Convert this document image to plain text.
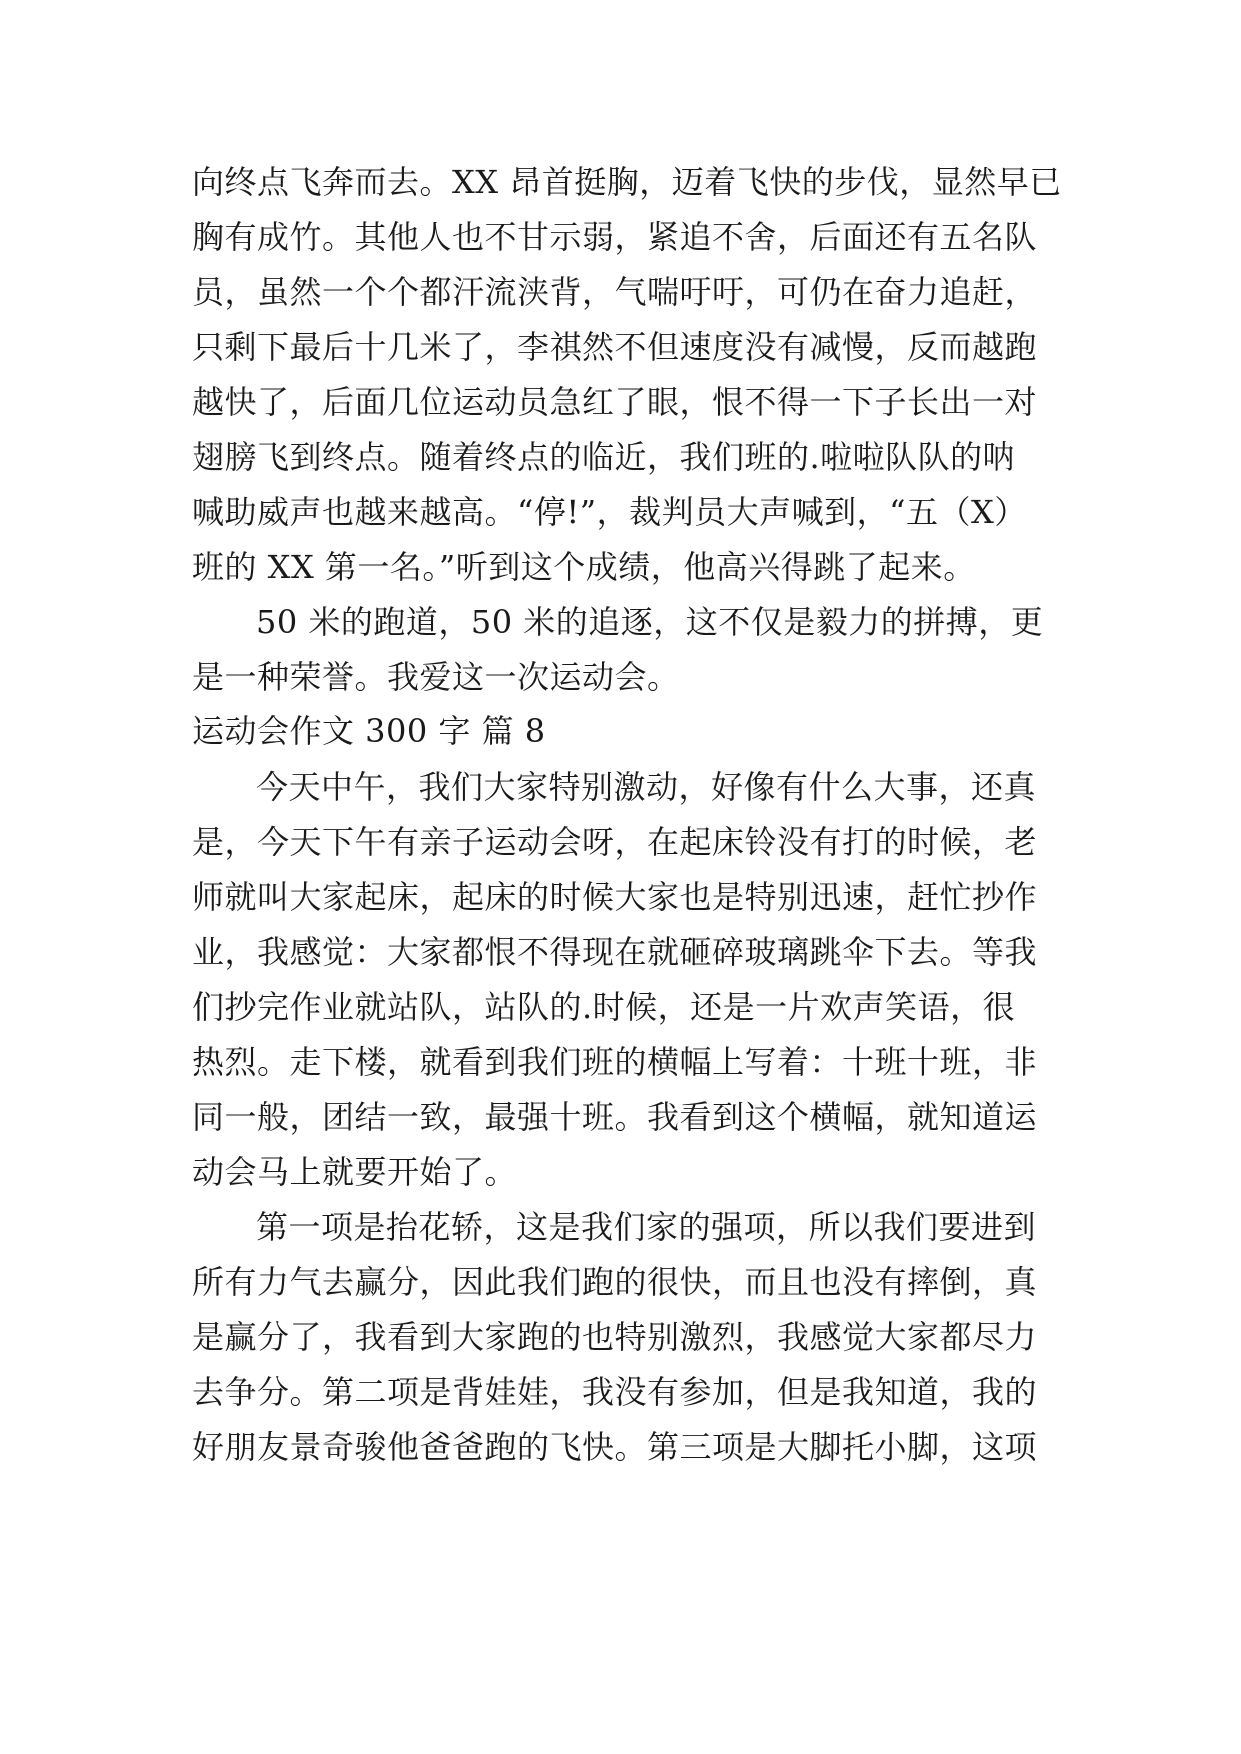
向终点飞奔而去。XX 昂首挺胸，迈着飞快的步伐，显然早已
胸有成竹。其他人也不甘示弱，紧追不舍，后面还有五名队
员，虽然一个个都汗流浃背，气喘吁吁，可仍在奋力追赶，
只剩下最后十几米了，李祺然不但速度没有减慢，反而越跑
越快了，后面几位运动员急红了眼，恨不得一下子长出一对
翅膀飞到终点。随着终点的临近，我们班的.啦啦队队的呐
喊助威声也越来越高。“停!”，裁判员大声喊到，“五（X）
班的 XX 第一名。”听到这个成绩，他高兴得跳了起来。
50 米的跑道，50 米的追逐，这不仅是毅力的拼搏，更
是一种荣誉。我爱这一次运动会。
运动会作文 300 字 篇 8
今天中午，我们大家特别激动，好像有什么大事，还真
是，今天下午有亲子运动会呀，在起床铃没有打的时候，老
师就叫大家起床，起床的时候大家也是特别迅速，赶忙抄作
业，我感觉：大家都恨不得现在就砸碎玻璃跳伞下去。等我
们抄完作业就站队，站队的.时候，还是一片欢声笑语，很
热烈。走下楼，就看到我们班的横幅上写着：十班十班，非
同一般，团结一致，最强十班。我看到这个横幅，就知道运
动会马上就要开始了。
第一项是抬花轿，这是我们家的强项，所以我们要进到
所有力气去赢分，因此我们跑的很快，而且也没有摔倒，真
是赢分了，我看到大家跑的也特别激烈，我感觉大家都尽力
去争分。第二项是背娃娃，我没有参加，但是我知道，我的
好朋友景奇骏他爸爸跑的飞快。第三项是大脚托小脚，这项
